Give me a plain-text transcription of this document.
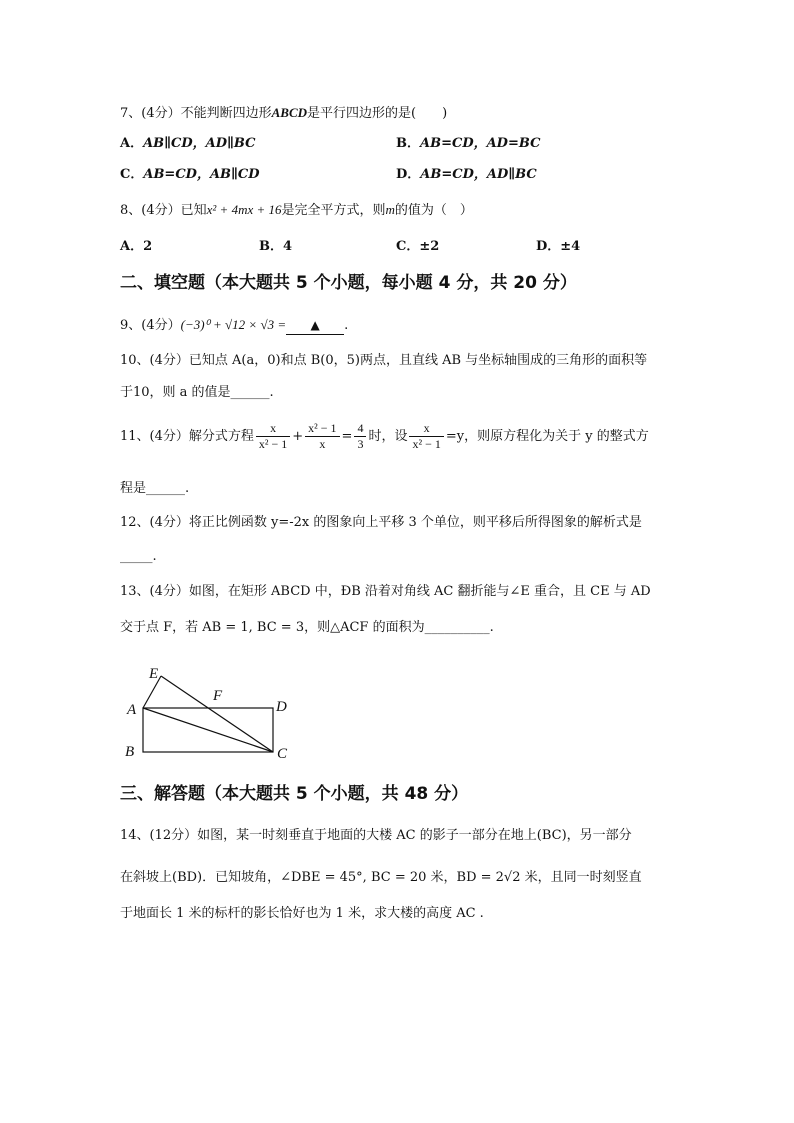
7、(4分）不能判断四边形ABCD是平行四边形的是(　　)
A．AB∥CD，AD∥BC	B．AB=CD，AD=BC
C．AB=CD，AB∥CD	D．AB=CD，AD∥BC
8、(4分）已知x² + 4mx + 16是完全平方式，则m的值为（　）
A．2	B．4	C．±2	D．±4
二、填空题（本大题共 5 个小题，每小题 4 分，共 20 分）
9、(4分）(−3)⁰ + √12 × √3 = ▲ .
10、(4分）已知点 A(a，0)和点 B(0，5)两点，且直线 AB 与坐标轴围成的三角形的面积等
于10，则 a 的值是______.
11、(4分）解分式方程 $\frac{x}{\text{x² − 1}} + \frac{\text{x² − 1}}{x} = \frac{4}{3}$ 时，设 $\frac{x}{\text{x² − 1}} =y$，则原方程化为关于 y 的整式方
程是______.
12、(4分）将正比例函数 y=-2x 的图象向上平移 3 个单位，则平移后所得图象的解析式是
_____.
13、(4分）如图，在矩形 ABCD 中，ÐB 沿着对角线 AC 翻折能与∠E 重合，且 CE 与 AD
交于点 F，若 AB = 1, BC = 3，则△ACF 的面积为__________.
E
F
A	D
B	C
三、解答题（本大题共 5 个小题，共 48 分）
14、(12分）如图，某一时刻垂直于地面的大楼 AC 的影子一部分在地上(BC)，另一部分
在斜坡上(BD)．已知坡角，∠DBE = 45°, BC = 20 米，BD = 2√2 米，且同一时刻竖直
于地面长 1 米的标杆的影长恰好也为 1 米，求大楼的高度 AC .
